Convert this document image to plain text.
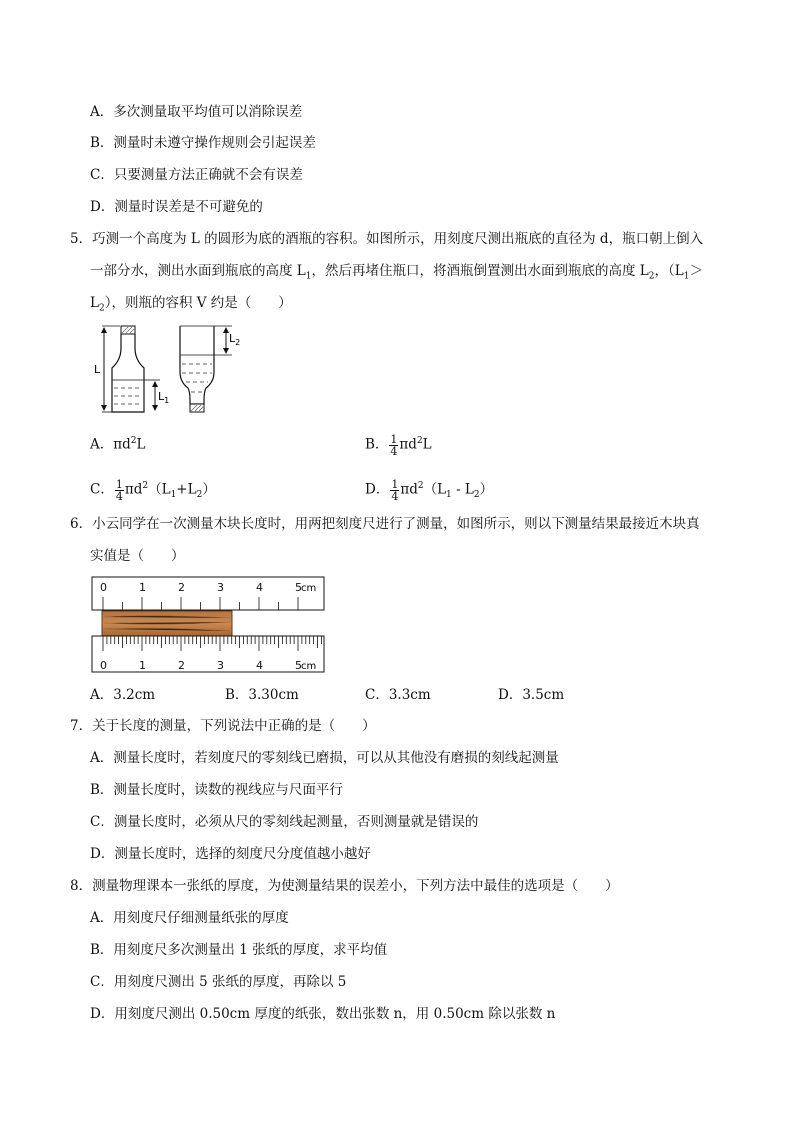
A．多次测量取平均值可以消除误差
B．测量时未遵守操作规则会引起误差
C．只要测量方法正确就不会有误差
D．测量时误差是不可避免的
5．巧测一个高度为 L 的圆形为底的酒瓶的容积。如图所示，用刻度尺测出瓶底的直径为 d，瓶口朝上倒入
一部分水，测出水面到瓶底的高度 $L_1$，然后再堵住瓶口，将酒瓶倒置测出水面到瓶底的高度 $L_2$，（$L_1>$
$L_2$），则瓶的容积 V 约是（　　）
L
$L_1$
$L_2$
A．$\pi d^2L$	B． $\frac{1}{4} \pi d^2L$
C． $\frac{1}{4} \pi d^2(L_1+L_2)$	D． $\frac{1}{4} \pi d^2(L_1 - L_2)$
6．小云同学在一次测量木块长度时，用两把刻度尺进行了测量，如图所示，则以下测量结果最接近木块真
实值是（　　）
0	1	2	3	4	5 cm
0	1	2	3	4	5 cm
A．3.2cm	B．3.30cm	C．3.3cm	D．3.5cm
7．关于长度的测量，下列说法中正确的是（　　）
A．测量长度时，若刻度尺的零刻线已磨损，可以从其他没有磨损的刻线起测量
B．测量长度时，读数的视线应与尺面平行
C．测量长度时，必须从尺的零刻线起测量，否则测量就是错误的
D．测量长度时，选择的刻度尺分度值越小越好
8．测量物理课本一张纸的厚度，为使测量结果的误差小，下列方法中最佳的选项是（　　）
A．用刻度尺仔细测量纸张的厚度
B．用刻度尺多次测量出 1 张纸的厚度，求平均值
C．用刻度尺测出 5 张纸的厚度，再除以 5
D．用刻度尺测出 0.50cm 厚度的纸张，数出张数 n，用 0.50cm 除以张数 n
